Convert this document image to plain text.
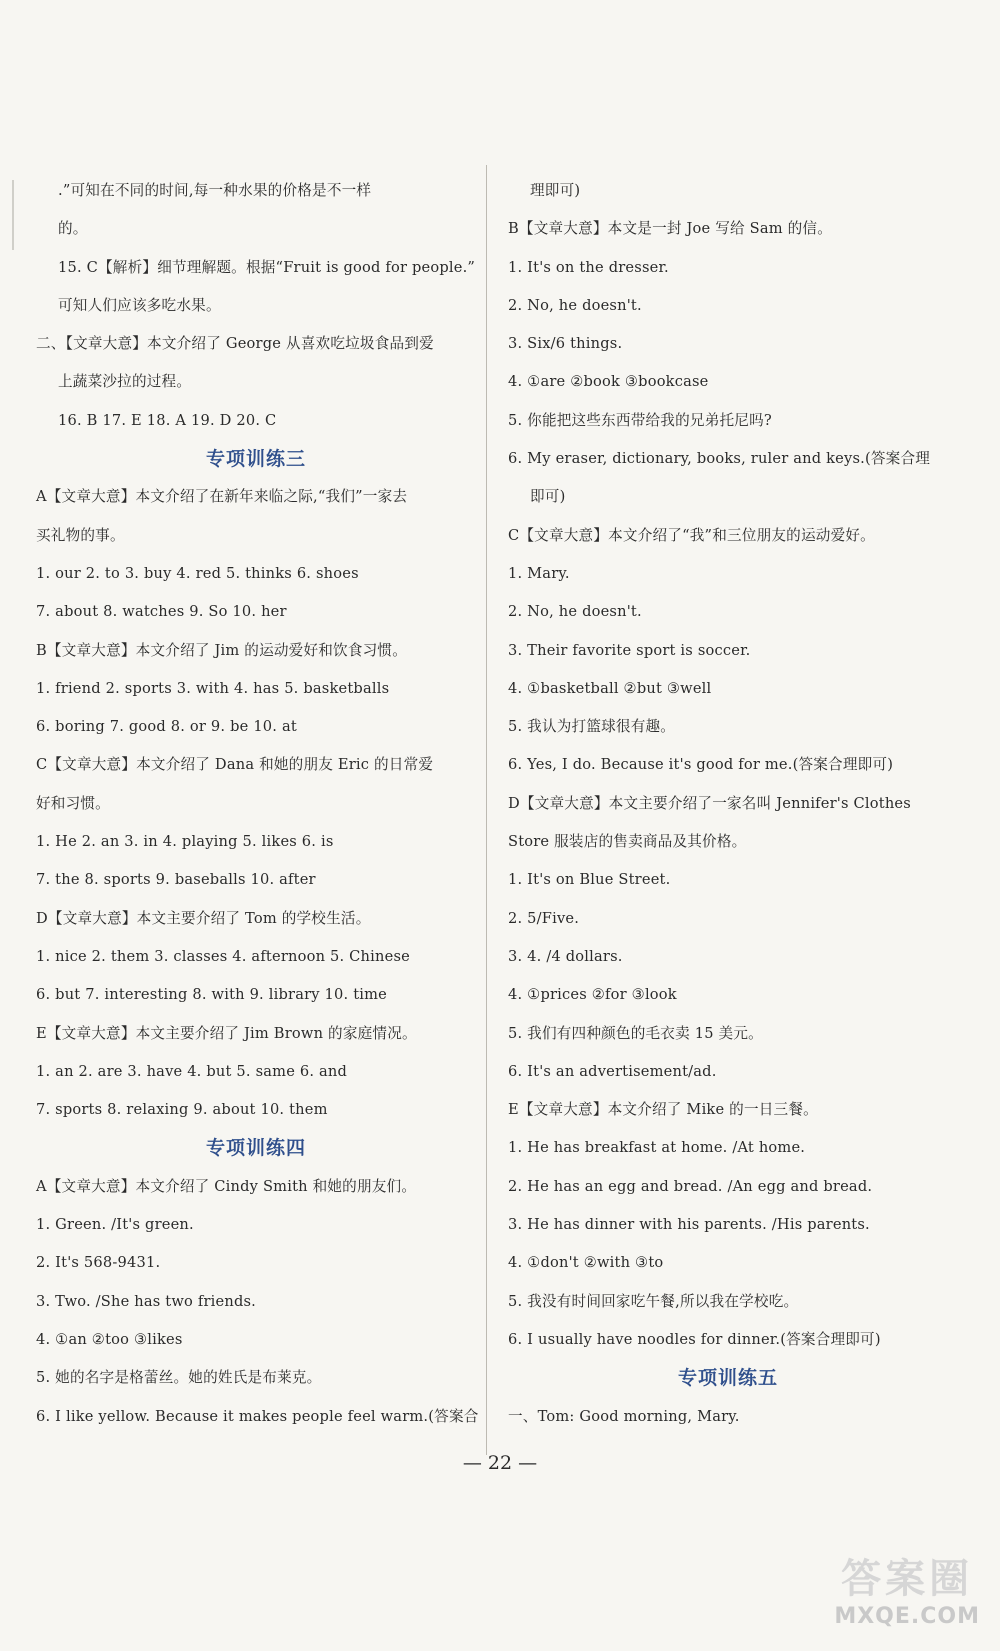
.”可知在不同的时间,每一种水果的价格是不一样
的。
15. C【解析】细节理解题。根据“Fruit is good for people.”
可知人们应该多吃水果。
二、【文章大意】本文介绍了 George 从喜欢吃垃圾食品到爱
上蔬菜沙拉的过程。
16. B 17. E 18. A 19. D 20. C
专项训练三
A【文章大意】本文介绍了在新年来临之际,“我们”一家去
买礼物的事。
1. our 2. to 3. buy 4. red 5. thinks 6. shoes
7. about 8. watches 9. So 10. her
B【文章大意】本文介绍了 Jim 的运动爱好和饮食习惯。
1. friend 2. sports 3. with 4. has 5. basketballs
6. boring 7. good 8. or 9. be 10. at
C【文章大意】本文介绍了 Dana 和她的朋友 Eric 的日常爱
好和习惯。
1. He 2. an 3. in 4. playing 5. likes 6. is
7. the 8. sports 9. baseballs 10. after
D【文章大意】本文主要介绍了 Tom 的学校生活。
1. nice 2. them 3. classes 4. afternoon 5. Chinese
6. but 7. interesting 8. with 9. library 10. time
E【文章大意】本文主要介绍了 Jim Brown 的家庭情况。
1. an 2. are 3. have 4. but 5. same 6. and
7. sports 8. relaxing 9. about 10. them
专项训练四
A【文章大意】本文介绍了 Cindy Smith 和她的朋友们。
1. Green. /It's green.
2. It's 568-9431.
3. Two. /She has two friends.
4. ①an ②too ③likes
5. 她的名字是格蕾丝。她的姓氏是布莱克。
6. I like yellow. Because it makes people feel warm.(答案合
理即可)
B【文章大意】本文是一封 Joe 写给 Sam 的信。
1. It's on the dresser.
2. No, he doesn't.
3. Six/6 things.
4. ①are ②book ③bookcase
5. 你能把这些东西带给我的兄弟托尼吗?
6. My eraser, dictionary, books, ruler and keys.(答案合理
即可)
C【文章大意】本文介绍了“我”和三位朋友的运动爱好。
1. Mary.
2. No, he doesn't.
3. Their favorite sport is soccer.
4. ①basketball ②but ③well
5. 我认为打篮球很有趣。
6. Yes, I do. Because it's good for me.(答案合理即可)
D【文章大意】本文主要介绍了一家名叫 Jennifer's Clothes
Store 服装店的售卖商品及其价格。
1. It's on Blue Street.
2. 5/Five.
3. 4. /4 dollars.
4. ①prices ②for ③look
5. 我们有四种颜色的毛衣卖 15 美元。
6. It's an advertisement/ad.
E【文章大意】本文介绍了 Mike 的一日三餐。
1. He has breakfast at home. /At home.
2. He has an egg and bread. /An egg and bread.
3. He has dinner with his parents. /His parents.
4. ①don't ②with ③to
5. 我没有时间回家吃午餐,所以我在学校吃。
6. I usually have noodles for dinner.(答案合理即可)
专项训练五
一、Tom: Good morning, Mary.
— 22 —
答案圈
MXQE.COM
